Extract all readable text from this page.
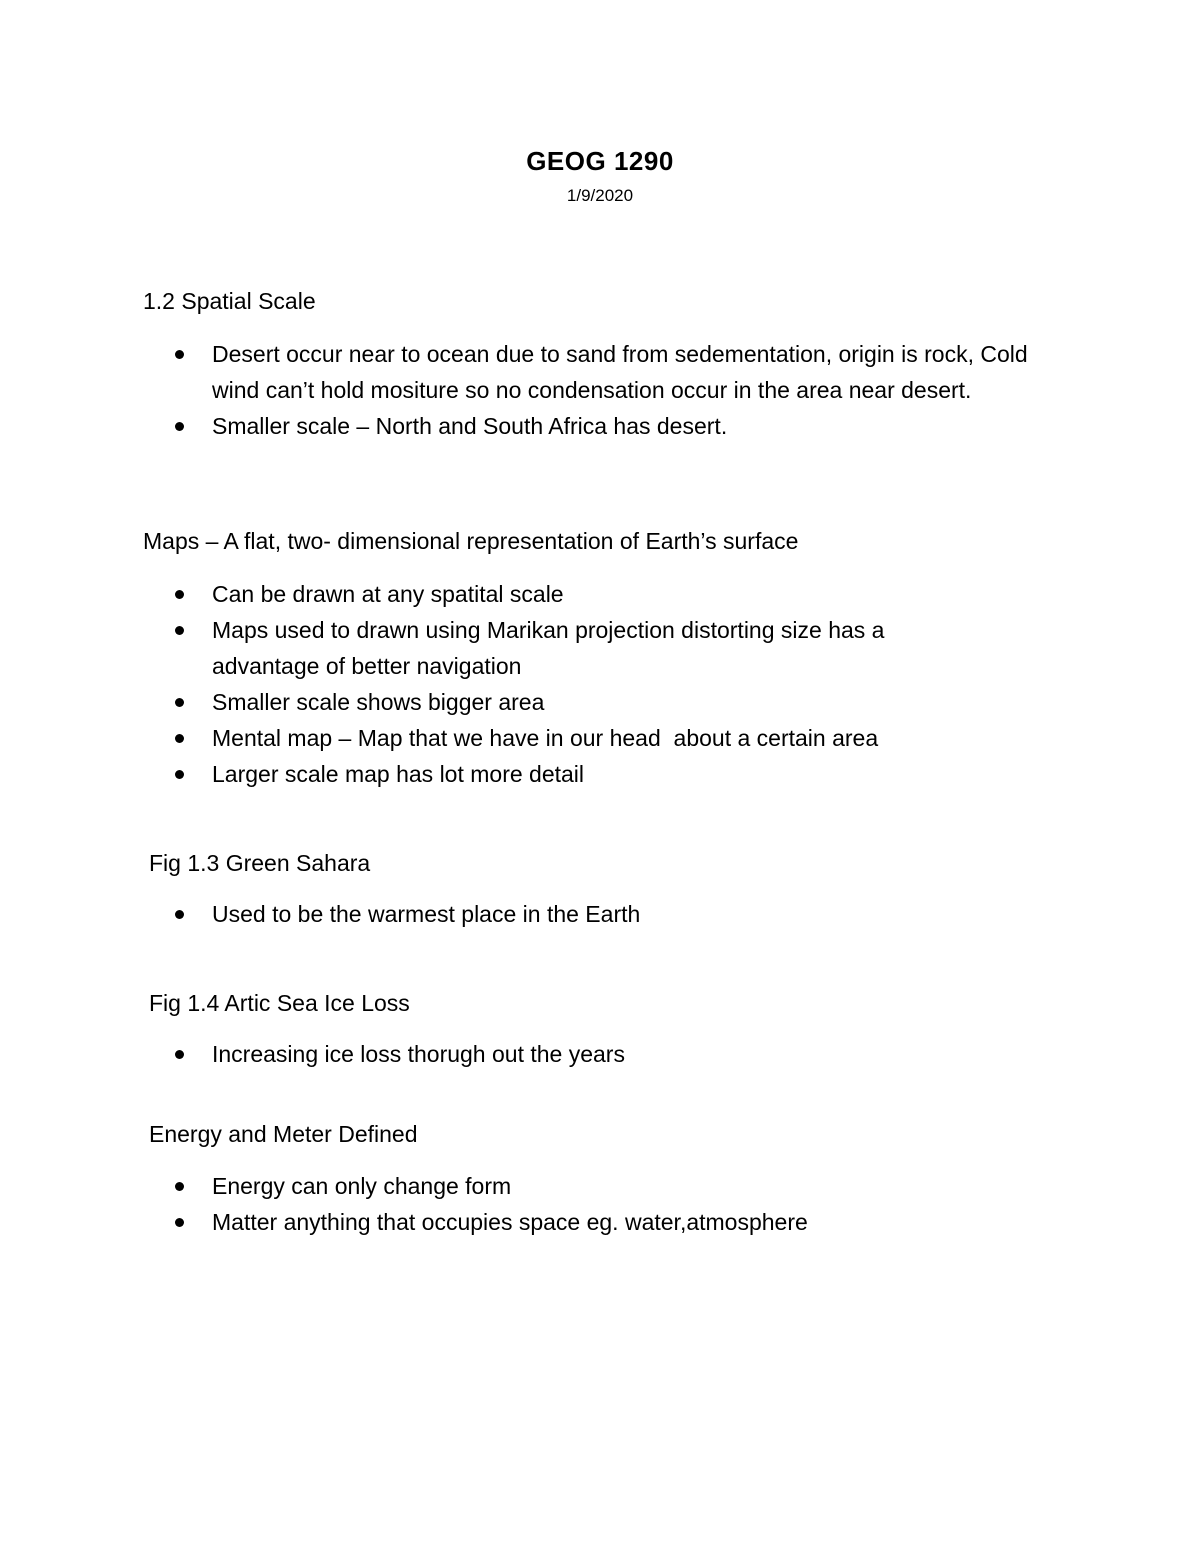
GEOG 1290
1/9/2020
1.2 Spatial Scale
Desert occur near to ocean due to sand from sedementation, origin is rock, Cold wind can’t hold mositure so no condensation occur in the area near desert.
Smaller scale – North and South Africa has desert.
Maps – A flat, two- dimensional representation of Earth’s surface
Can be drawn at any spatital scale
Maps used to drawn using Marikan projection distorting size has a advantage of better navigation
Smaller scale shows bigger area
Mental map – Map that we have in our head  about a certain area
Larger scale map has lot more detail
Fig 1.3 Green Sahara
Used to be the warmest place in the Earth
Fig 1.4 Artic Sea Ice Loss
Increasing ice loss thorugh out the years
Energy and Meter Defined
Energy can only change form
Matter anything that occupies space eg. water,atmosphere
